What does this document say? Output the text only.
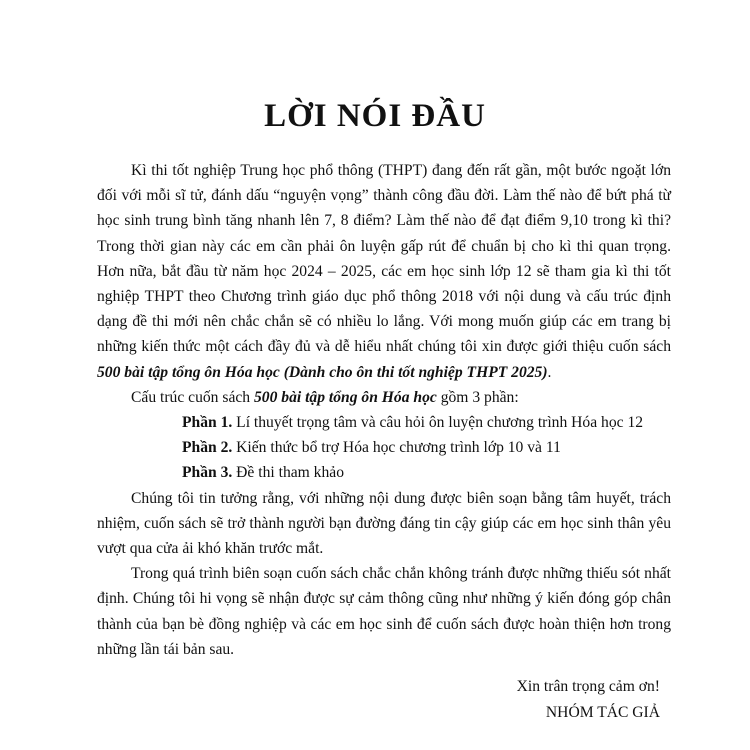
LỜI NÓI ĐẦU

Kì thi tốt nghiệp Trung học phổ thông (THPT) đang đến rất gần, một bước ngoặt lớn đối với mỗi sĩ tử, đánh dấu “nguyện vọng” thành công đầu đời. Làm thế nào để bứt phá từ học sinh trung bình tăng nhanh lên 7, 8 điểm? Làm thế nào để đạt điểm 9,10 trong kì thi? Trong thời gian này các em cần phải ôn luyện gấp rút để chuẩn bị cho kì thi quan trọng. Hơn nữa, bắt đầu từ năm học 2024 – 2025, các em học sinh lớp 12 sẽ tham gia kì thi tốt nghiệp THPT theo Chương trình giáo dục phổ thông 2018 với nội dung và cấu trúc định dạng đề thi mới nên chắc chắn sẽ có nhiều lo lắng. Với mong muốn giúp các em trang bị những kiến thức một cách đầy đủ và dễ hiểu nhất chúng tôi xin được giới thiệu cuốn sách 500 bài tập tổng ôn Hóa học (Dành cho ôn thi tốt nghiệp THPT 2025).

Cấu trúc cuốn sách 500 bài tập tổng ôn Hóa học gồm 3 phần:

Phần 1. Lí thuyết trọng tâm và câu hỏi ôn luyện chương trình Hóa học 12

Phần 2. Kiến thức bổ trợ Hóa học chương trình lớp 10 và 11

Phần 3. Đề thi tham khảo

Chúng tôi tin tưởng rằng, với những nội dung được biên soạn bằng tâm huyết, trách nhiệm, cuốn sách sẽ trở thành người bạn đường đáng tin cậy giúp các em học sinh thân yêu vượt qua cửa ải khó khăn trước mắt.

Trong quá trình biên soạn cuốn sách chắc chắn không tránh được những thiếu sót nhất định. Chúng tôi hi vọng sẽ nhận được sự cảm thông cũng như những ý kiến đóng góp chân thành của bạn bè đồng nghiệp và các em học sinh để cuốn sách được hoàn thiện hơn trong những lần tái bản sau.

Xin trân trọng cảm ơn!
NHÓM TÁC GIẢ
